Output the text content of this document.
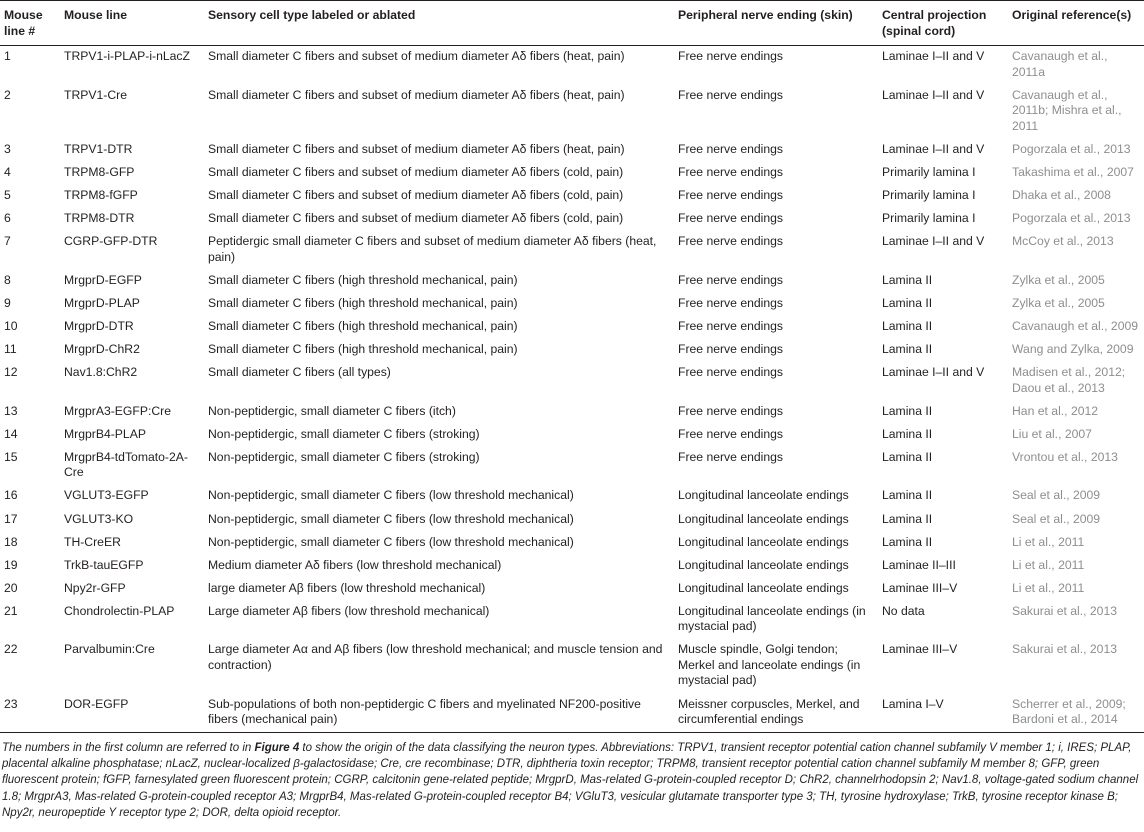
Mouse line #	Mouse line	Sensory cell type labeled or ablated	Peripheral nerve ending (skin)	Central projection (spinal cord)	Original reference(s)
1	TRPV1-i-PLAP-i-nLacZ	Small diameter C fibers and subset of medium diameter Aδ fibers (heat, pain)	Free nerve endings	Laminae I–II and V	Cavanaugh et al., 2011a
2	TRPV1-Cre	Small diameter C fibers and subset of medium diameter Aδ fibers (heat, pain)	Free nerve endings	Laminae I–II and V	Cavanaugh et al., 2011b; Mishra et al., 2011
3	TRPV1-DTR	Small diameter C fibers and subset of medium diameter Aδ fibers (heat, pain)	Free nerve endings	Laminae I–II and V	Pogorzala et al., 2013
4	TRPM8-GFP	Small diameter C fibers and subset of medium diameter Aδ fibers (cold, pain)	Free nerve endings	Primarily lamina I	Takashima et al., 2007
5	TRPM8-fGFP	Small diameter C fibers and subset of medium diameter Aδ fibers (cold, pain)	Free nerve endings	Primarily lamina I	Dhaka et al., 2008
6	TRPM8-DTR	Small diameter C fibers and subset of medium diameter Aδ fibers (cold, pain)	Free nerve endings	Primarily lamina I	Pogorzala et al., 2013
7	CGRP-GFP-DTR	Peptidergic small diameter C fibers and subset of medium diameter Aδ fibers (heat, pain)	Free nerve endings	Laminae I–II and V	McCoy et al., 2013
8	MrgprD-EGFP	Small diameter C fibers (high threshold mechanical, pain)	Free nerve endings	Lamina II	Zylka et al., 2005
9	MrgprD-PLAP	Small diameter C fibers (high threshold mechanical, pain)	Free nerve endings	Lamina II	Zylka et al., 2005
10	MrgprD-DTR	Small diameter C fibers (high threshold mechanical, pain)	Free nerve endings	Lamina II	Cavanaugh et al., 2009
11	MrgprD-ChR2	Small diameter C fibers (high threshold mechanical, pain)	Free nerve endings	Lamina II	Wang and Zylka, 2009
12	Nav1.8:ChR2	Small diameter C fibers (all types)	Free nerve endings	Laminae I–II and V	Madisen et al., 2012; Daou et al., 2013
13	MrgprA3-EGFP:Cre	Non-peptidergic, small diameter C fibers (itch)	Free nerve endings	Lamina II	Han et al., 2012
14	MrgprB4-PLAP	Non-peptidergic, small diameter C fibers (stroking)	Free nerve endings	Lamina II	Liu et al., 2007
15	MrgprB4-tdTomato-2A-Cre	Non-peptidergic, small diameter C fibers (stroking)	Free nerve endings	Lamina II	Vrontou et al., 2013
16	VGLUT3-EGFP	Non-peptidergic, small diameter C fibers (low threshold mechanical)	Longitudinal lanceolate endings	Lamina II	Seal et al., 2009
17	VGLUT3-KO	Non-peptidergic, small diameter C fibers (low threshold mechanical)	Longitudinal lanceolate endings	Lamina II	Seal et al., 2009
18	TH-CreER	Non-peptidergic, small diameter C fibers (low threshold mechanical)	Longitudinal lanceolate endings	Lamina II	Li et al., 2011
19	TrkB-tauEGFP	Medium diameter Aδ fibers (low threshold mechanical)	Longitudinal lanceolate endings	Laminae II–III	Li et al., 2011
20	Npy2r-GFP	large diameter Aβ fibers (low threshold mechanical)	Longitudinal lanceolate endings	Laminae III–V	Li et al., 2011
21	Chondrolectin-PLAP	Large diameter Aβ fibers (low threshold mechanical)	Longitudinal lanceolate endings (in mystacial pad)	No data	Sakurai et al., 2013
22	Parvalbumin:Cre	Large diameter Aα and Aβ fibers (low threshold mechanical; and muscle tension and contraction)	Muscle spindle, Golgi tendon; Merkel and lanceolate endings (in mystacial pad)	Laminae III–V	Sakurai et al., 2013
23	DOR-EGFP	Sub-populations of both non-peptidergic C fibers and myelinated NF200-positive fibers (mechanical pain)	Meissner corpuscles, Merkel, and circumferential endings	Lamina I–V	Scherrer et al., 2009; Bardoni et al., 2014

The numbers in the first column are referred to in Figure 4 to show the origin of the data classifying the neuron types. Abbreviations: TRPV1, transient receptor potential cation channel subfamily V member 1; i, IRES; PLAP, placental alkaline phosphatase; nLacZ, nuclear-localized β-galactosidase; Cre, cre recombinase; DTR, diphtheria toxin receptor; TRPM8, transient receptor potential cation channel subfamily M member 8; GFP, green fluorescent protein; fGFP, farnesylated green fluorescent protein; CGRP, calcitonin gene-related peptide; MrgprD, Mas-related G-protein-coupled receptor D; ChR2, channelrhodopsin 2; Nav1.8, voltage-gated sodium channel 1.8; MrgprA3, Mas-related G-protein-coupled receptor A3; MrgprB4, Mas-related G-protein-coupled receptor B4; VGluT3, vesicular glutamate transporter type 3; TH, tyrosine hydroxylase; TrkB, tyrosine receptor kinase B; Npy2r, neuropeptide Y receptor type 2; DOR, delta opioid receptor.
